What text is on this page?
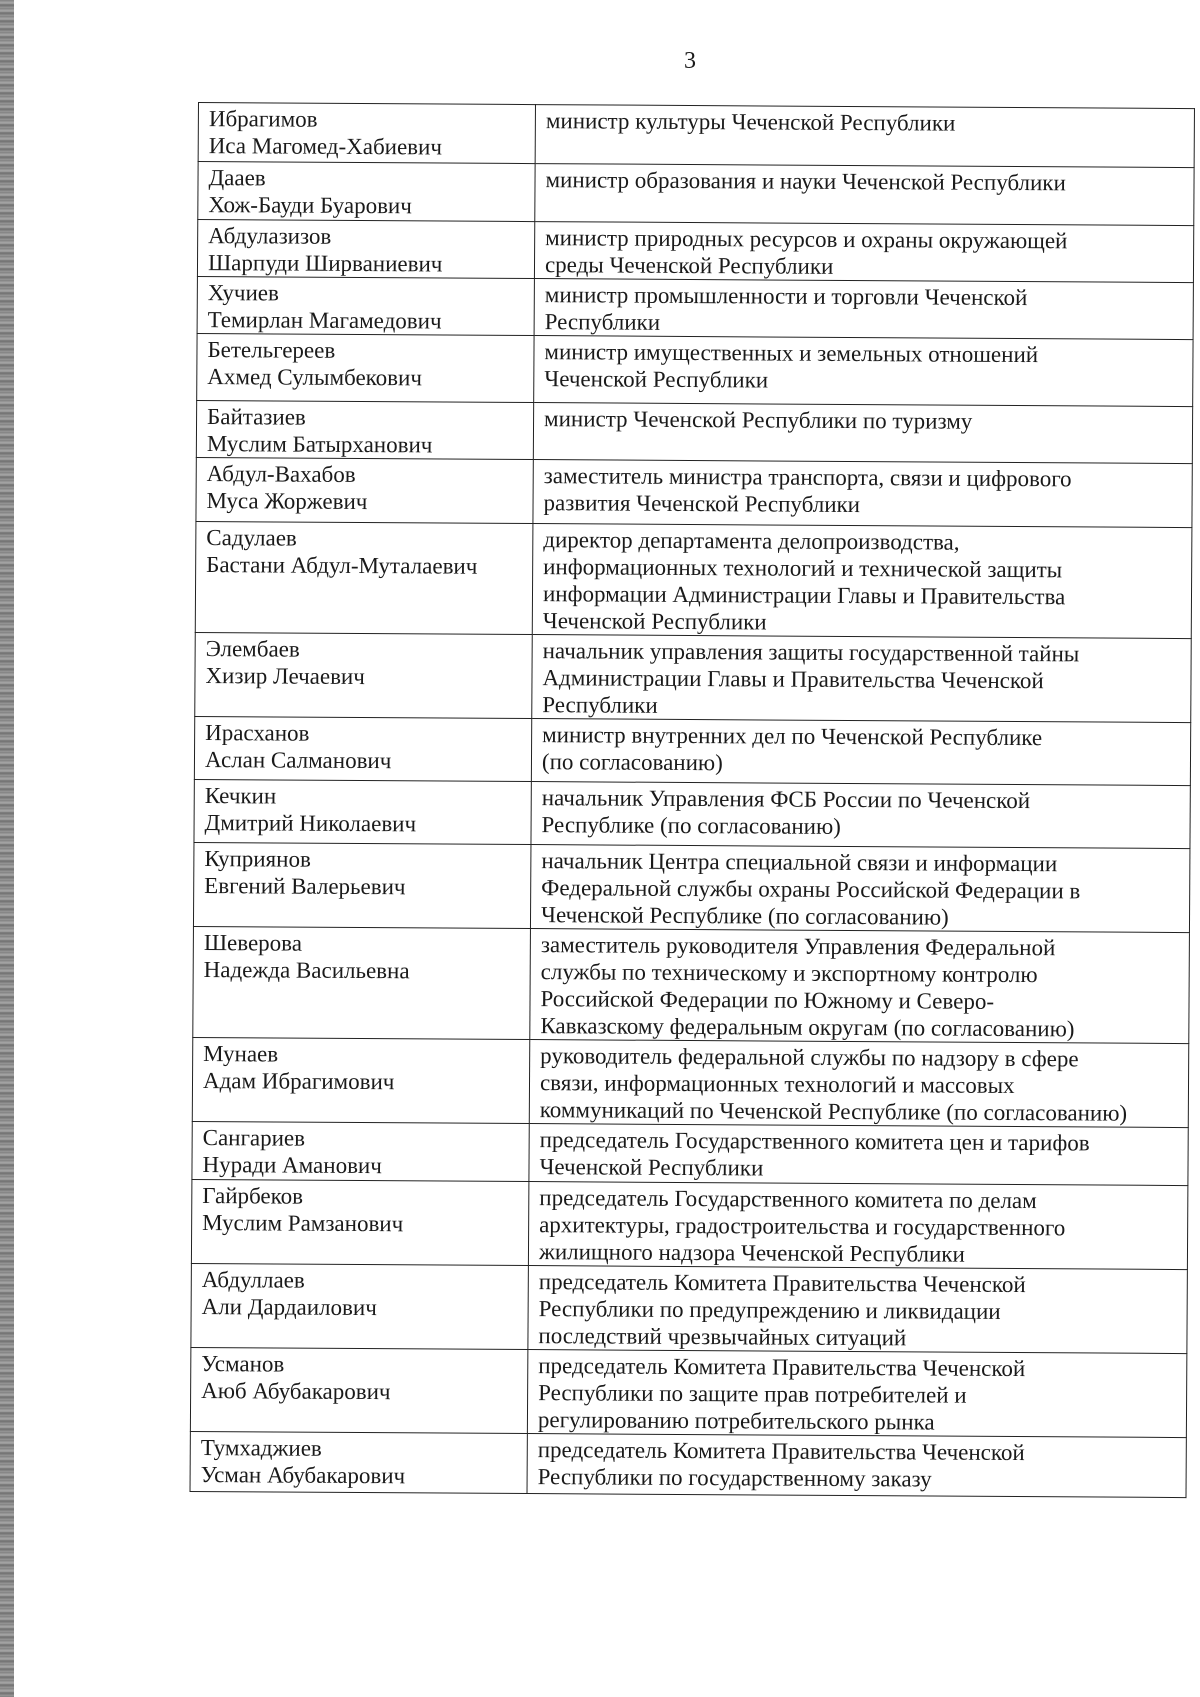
3
Ибрагимов
Иса Магомед-Хабиевич	министр культуры Чеченской Республики

Дааев
Хож-Бауди Буарович	министр образования и науки Чеченской Республики

Абдулазизов
Шарпуди Ширваниевич	министр природных ресурсов и охраны окружающей
среды Чеченской Республики

Хучиев
Темирлан Магамедович	министр промышленности и торговли Чеченской
Республики

Бетельгереев
Ахмед Сулымбекович	министр имущественных и земельных отношений
Чеченской Республики

Байтазиев
Муслим Батырханович	министр Чеченской Республики по туризму

Абдул-Вахабов
Муса Жоржевич	заместитель министра транспорта, связи и цифрового
развития Чеченской Республики

Садулаев
Бастани Абдул-Муталаевич	директор департамента делопроизводства,
информационных технологий и технической защиты
информации Администрации Главы и Правительства
Чеченской Республики

Элембаев
Хизир Лечаевич	начальник управления защиты государственной тайны
Администрации Главы и Правительства Чеченской
Республики

Ирасханов
Аслан Салманович	министр внутренних дел по Чеченской Республике
(по согласованию)

Кечкин
Дмитрий Николаевич	начальник Управления ФСБ России по Чеченской
Республике (по согласованию)

Куприянов
Евгений Валерьевич	начальник Центра специальной связи и информации
Федеральной службы охраны Российской Федерации в
Чеченской Республике (по согласованию)

Шеверова
Надежда Васильевна	заместитель руководителя Управления Федеральной
службы по техническому и экспортному контролю
Российской Федерации по Южному и Северо-
Кавказскому федеральным округам (по согласованию)

Мунаев
Адам Ибрагимович	руководитель федеральной службы по надзору в сфере
связи, информационных технологий и массовых
коммуникаций по Чеченской Республике (по согласованию)

Сангариев
Нуради Аманович	председатель Государственного комитета цен и тарифов
Чеченской Республики

Гайрбеков
Муслим Рамзанович	председатель Государственного комитета по делам
архитектуры, градостроительства и государственного
жилищного надзора Чеченской Республики

Абдуллаев
Али Дардаилович	председатель Комитета Правительства Чеченской
Республики по предупреждению и ликвидации
последствий чрезвычайных ситуаций

Усманов
Аюб Абубакарович	председатель Комитета Правительства Чеченской
Республики по защите прав потребителей и
регулированию потребительского рынка

Тумхаджиев
Усман Абубакарович	председатель Комитета Правительства Чеченской
Республики по государственному заказу
